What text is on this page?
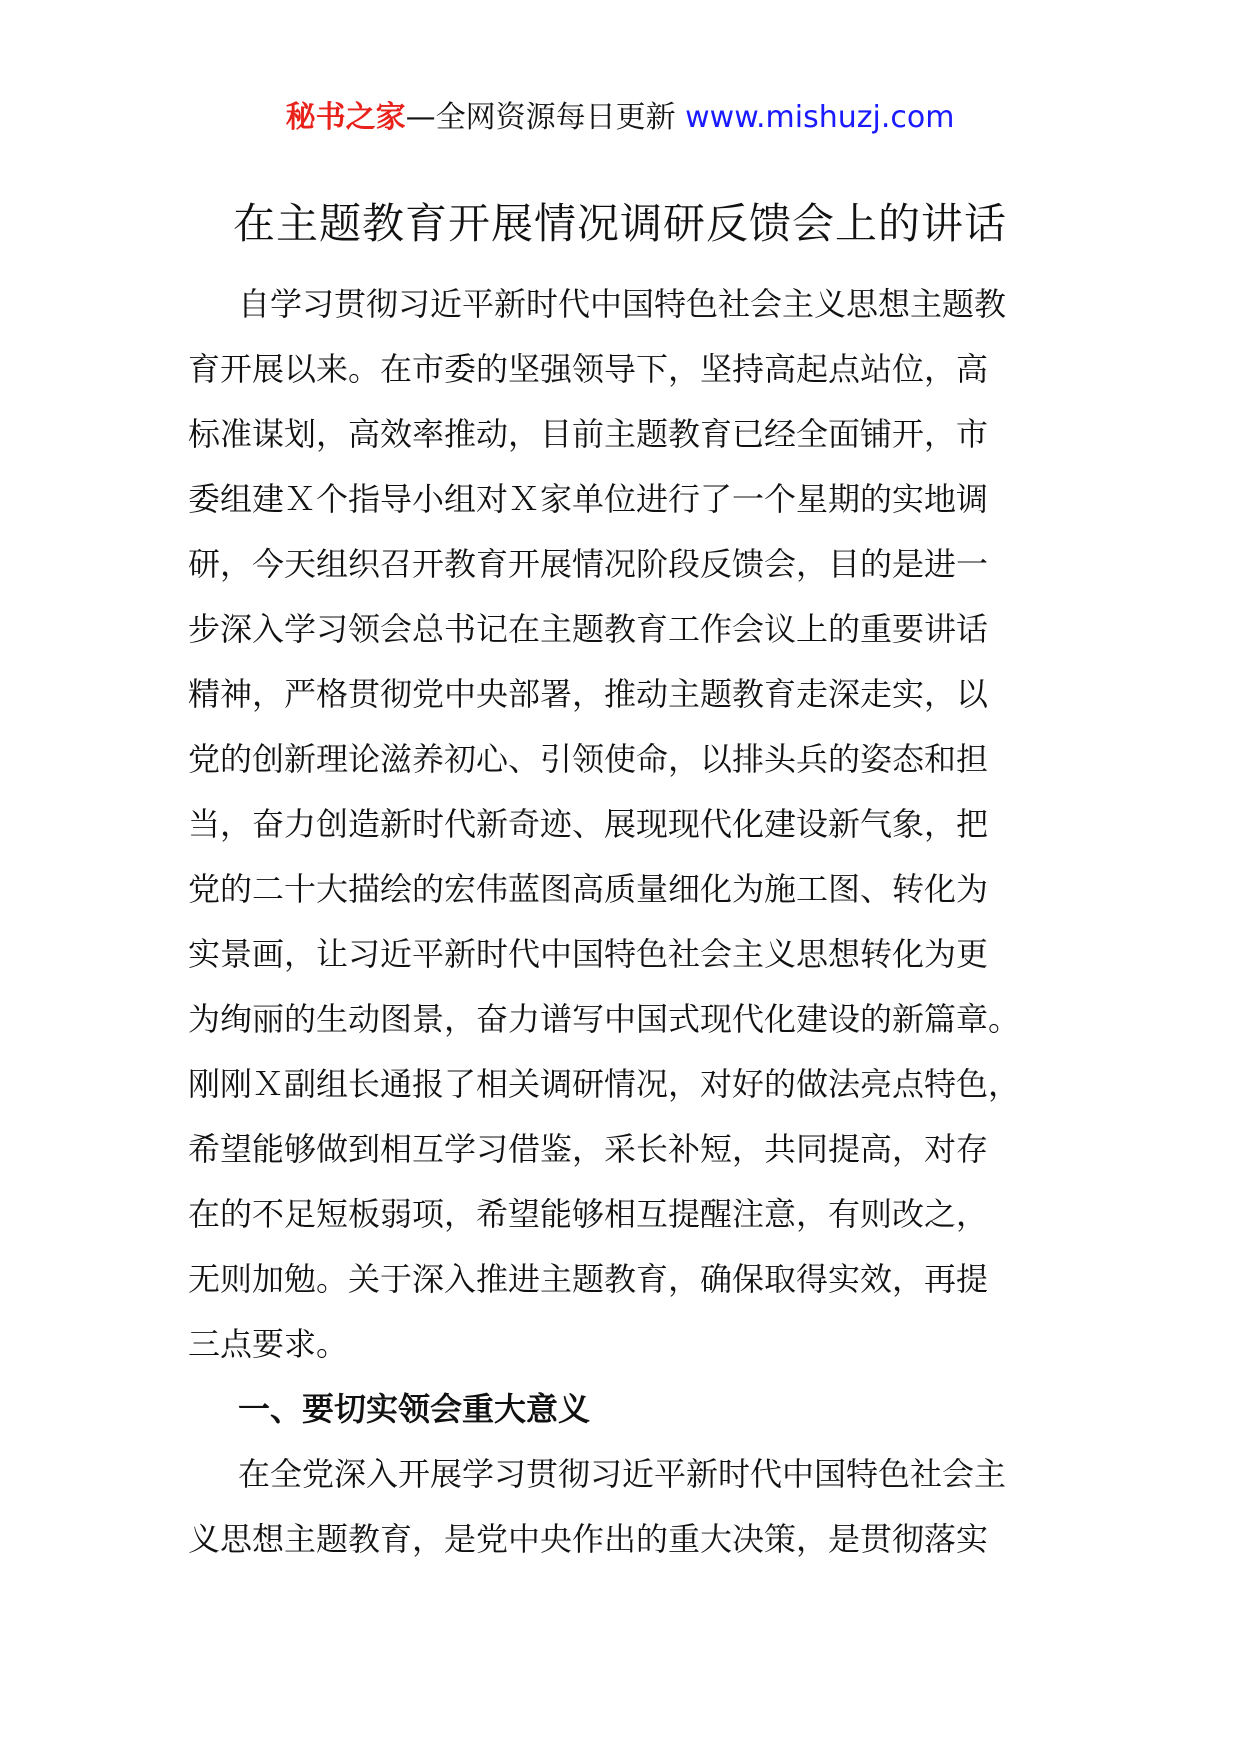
秘书之家—全网资源每日更新 www.mishuzj.com
在主题教育开展情况调研反馈会上的讲话

自学习贯彻习近平新时代中国特色社会主义思想主题教

育开展以来。在市委的坚强领导下，坚持高起点站位，高

标准谋划，高效率推动，目前主题教育已经全面铺开，市

委组建Ｘ个指导小组对Ｘ家单位进行了一个星期的实地调

研，今天组织召开教育开展情况阶段反馈会，目的是进一

步深入学习领会总书记在主题教育工作会议上的重要讲话

精神，严格贯彻党中央部署，推动主题教育走深走实，以

党的创新理论滋养初心、引领使命，以排头兵的姿态和担

当，奋力创造新时代新奇迹、展现现代化建设新气象，把

党的二十大描绘的宏伟蓝图高质量细化为施工图、转化为

实景画，让习近平新时代中国特色社会主义思想转化为更

为绚丽的生动图景，奋力谱写中国式现代化建设的新篇章。

刚刚Ｘ副组长通报了相关调研情况，对好的做法亮点特色，

希望能够做到相互学习借鉴，采长补短，共同提高，对存

在的不足短板弱项，希望能够相互提醒注意，有则改之，

无则加勉。关于深入推进主题教育，确保取得实效，再提

三点要求。

一、要切实领会重大意义

在全党深入开展学习贯彻习近平新时代中国特色社会主

义思想主题教育，是党中央作出的重大决策，是贯彻落实
